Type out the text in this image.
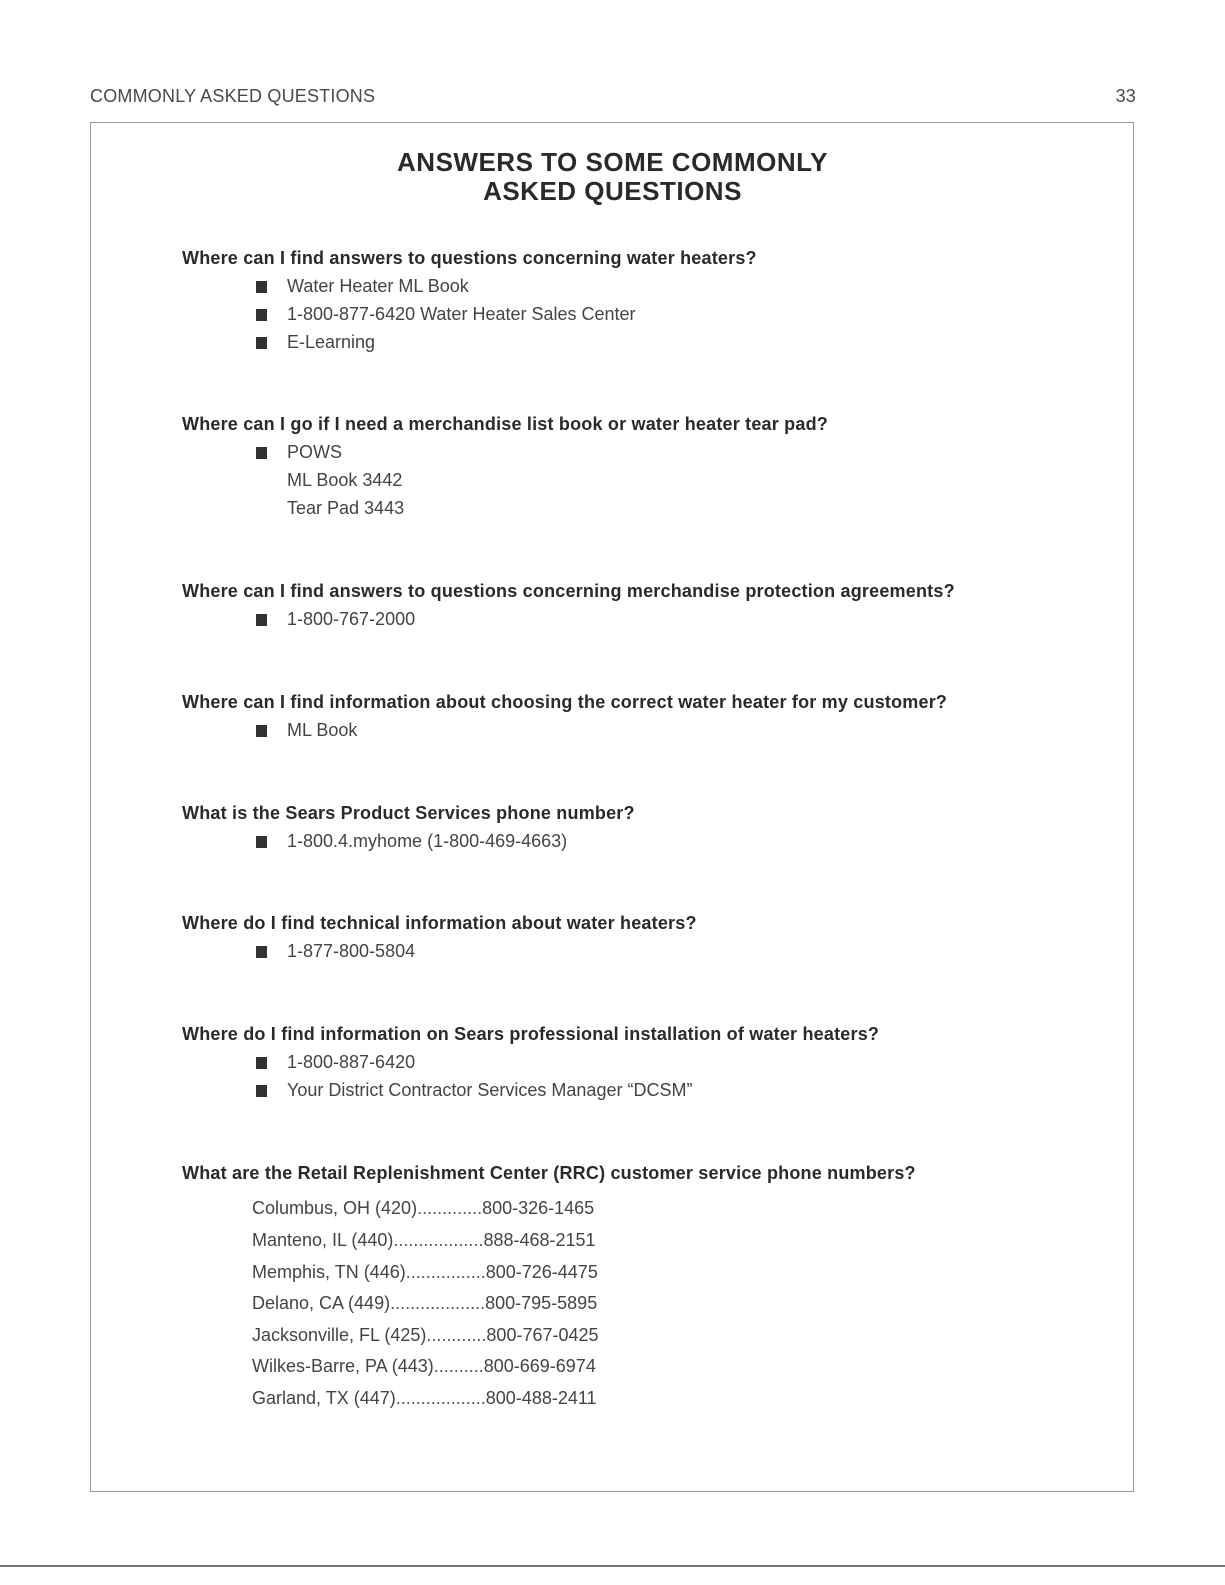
COMMONLY ASKED QUESTIONS	33
ANSWERS TO SOME COMMONLY
ASKED QUESTIONS
Where can I find answers to questions concerning water heaters?
Water Heater ML Book
1-800-877-6420 Water Heater Sales Center
E-Learning
Where can I go if I need a merchandise list book or water heater tear pad?
POWS
ML Book 3442
Tear Pad 3443
Where can I find answers to questions concerning merchandise protection agreements?
1-800-767-2000
Where can I find information about choosing the correct water heater for my customer?
ML Book
What is the Sears Product Services phone number?
1-800.4.myhome (1-800-469-4663)
Where do I find technical information about water heaters?
1-877-800-5804
Where do I find information on Sears professional installation of water heaters?
1-800-887-6420
Your District Contractor Services Manager “DCSM”
What are the Retail Replenishment Center (RRC) customer service phone numbers?
Columbus, OH (420).............800-326-1465
Manteno, IL (440)..................888-468-2151
Memphis, TN (446)................800-726-4475
Delano, CA (449)...................800-795-5895
Jacksonville, FL (425)............800-767-0425
Wilkes-Barre, PA (443)..........800-669-6974
Garland, TX (447)..................800-488-2411
